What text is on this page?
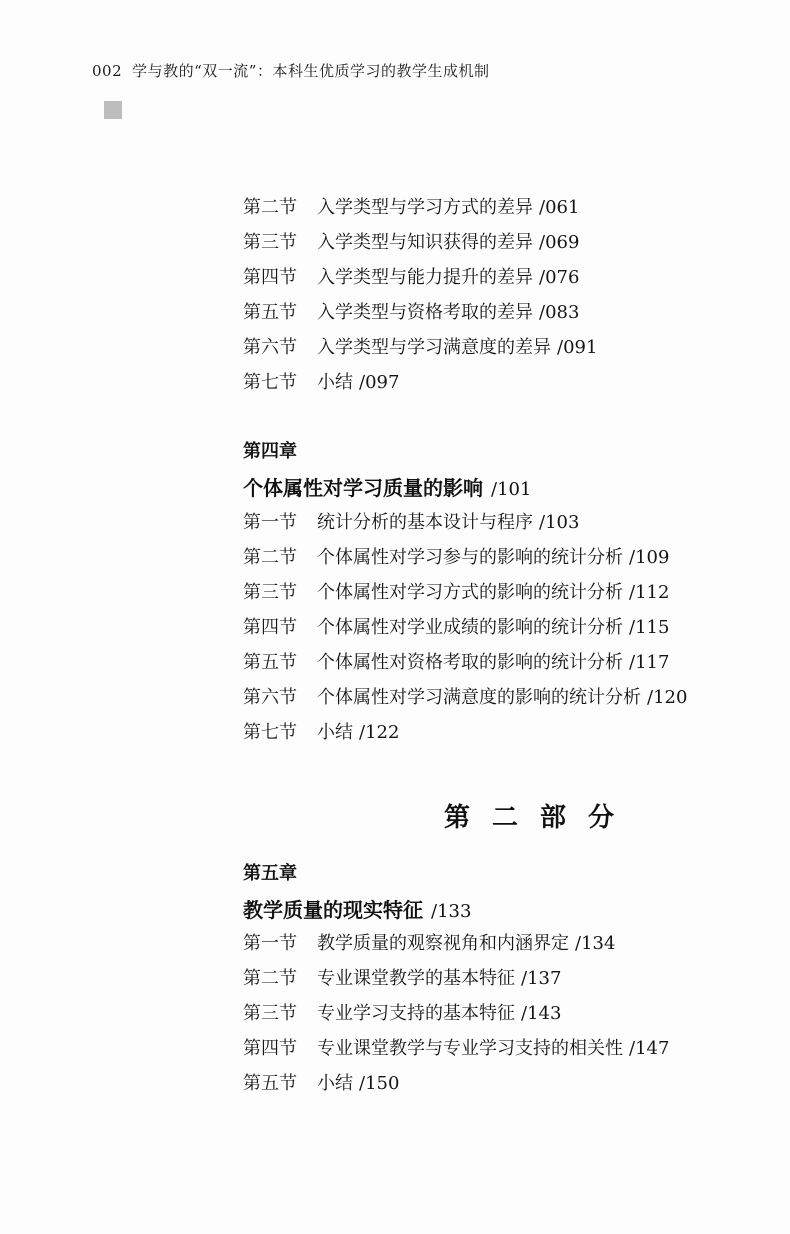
002 学与教的“双一流”：本科生优质学习的教学生成机制
第二节 入学类型与学习方式的差异 /061
第三节 入学类型与知识获得的差异 /069
第四节 入学类型与能力提升的差异 /076
第五节 入学类型与资格考取的差异 /083
第六节 入学类型与学习满意度的差异 /091
第七节 小结 /097
第四章
个体属性对学习质量的影响 /101
第一节 统计分析的基本设计与程序 /103
第二节 个体属性对学习参与的影响的统计分析 /109
第三节 个体属性对学习方式的影响的统计分析 /112
第四节 个体属性对学业成绩的影响的统计分析 /115
第五节 个体属性对资格考取的影响的统计分析 /117
第六节 个体属性对学习满意度的影响的统计分析 /120
第七节 小结 /122
第五章
教学质量的现实特征 /133
第一节 教学质量的观察视角和内涵界定 /134
第二节 专业课堂教学的基本特征 /137
第三节 专业学习支持的基本特征 /143
第四节 专业课堂教学与专业学习支持的相关性 /147
第五节 小结 /150
第二部分
